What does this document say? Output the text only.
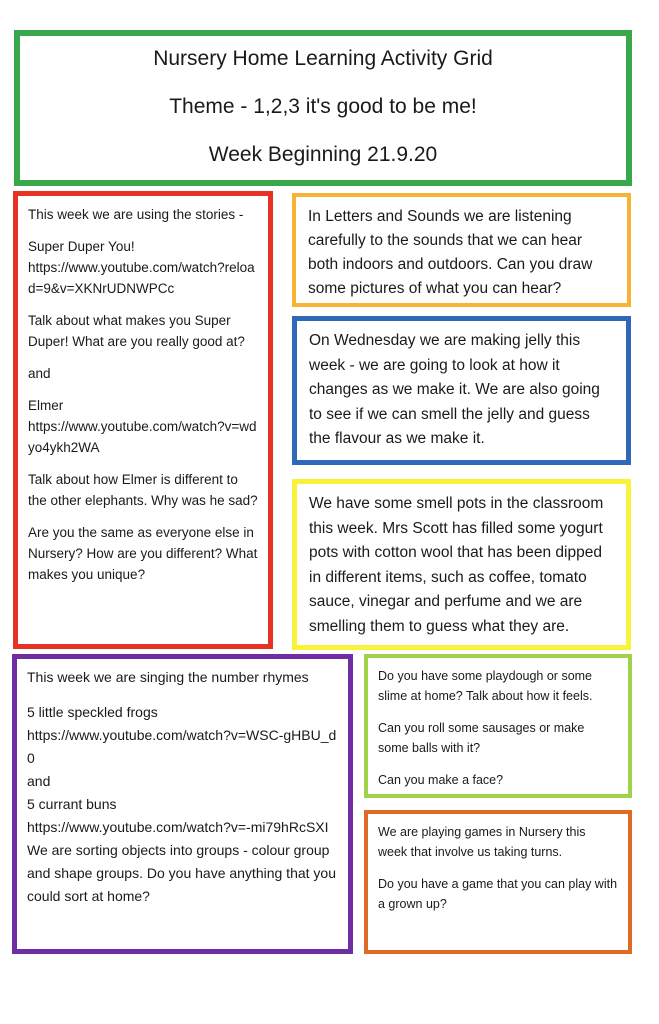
Nursery Home Learning Activity Grid

Theme - 1,2,3 it's good to be me!

Week Beginning 21.9.20

This week we are using the stories -

Super Duper You!
https://www.youtube.com/watch?reload=9&v=XKNrUDNWPCc

Talk about what makes you Super Duper! What are you really good at?

and

Elmer
https://www.youtube.com/watch?v=wdyo4ykh2WA

Talk about how Elmer is different to the other elephants. Why was he sad?

Are you the same as everyone else in Nursery? How are you different? What makes you unique?

In Letters and Sounds we are listening carefully to the sounds that we can hear both indoors and outdoors. Can you draw some pictures of what you can hear?

On Wednesday we are making jelly this week - we are going to look at how it changes as we make it. We are also going to see if we can smell the jelly and guess the flavour as we make it.

We have some smell pots in the classroom this week. Mrs Scott has filled some yogurt pots with cotton wool that has been dipped in different items, such as coffee, tomato sauce, vinegar and perfume and we are smelling them to guess what they are.

This week we are singing the number rhymes

5 little speckled frogs
https://www.youtube.com/watch?v=WSC-gHBU_d0
and
5 currant buns
https://www.youtube.com/watch?v=-mi79hRcSXI
We are sorting objects into groups - colour group and shape groups. Do you have anything that you could sort at home?

Do you have some playdough or some slime at home? Talk about how it feels.

Can you roll some sausages or make some balls with it?

Can you make a face?

We are playing games in Nursery this week that involve us taking turns.

Do you have a game that you can play with a grown up?
